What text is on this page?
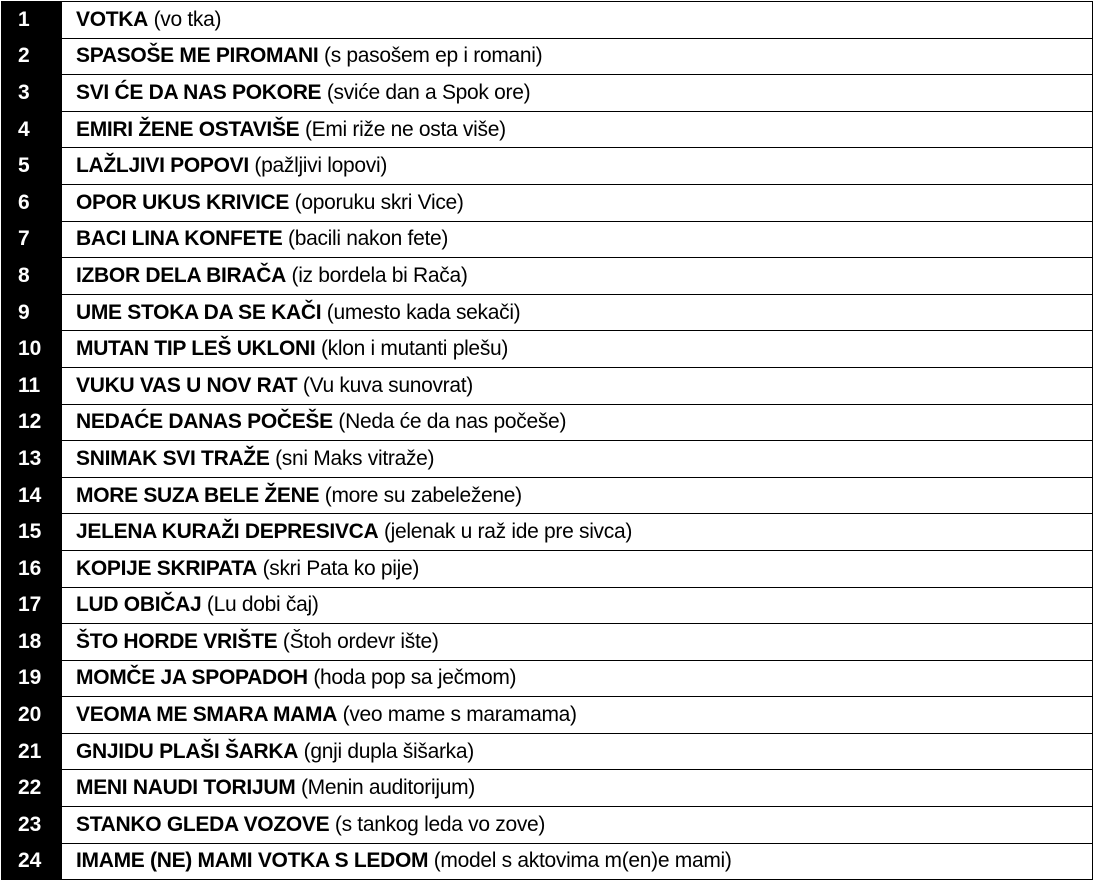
1	VOTKA (vo tka)
2	SPASOŠE ME PIROMANI (s pasošem ep i romani)
3	SVI ĆE DA NAS POKORE (sviće dan a Spok ore)
4	EMIRI ŽENE OSTAVIŠE (Emi riže ne osta više)
5	LAŽLJIVI POPOVI (pažljivi lopovi)
6	OPOR UKUS KRIVICE (oporuku skri Vice)
7	BACI LINA KONFETE (bacili nakon fete)
8	IZBOR DELA BIRAČA (iz bordela bi Rača)
9	UME STOKA DA SE KAČI (umesto kada sekači)
10	MUTAN TIP LEŠ UKLONI (klon i mutanti plešu)
11	VUKU VAS U NOV RAT (Vu kuva sunovrat)
12	NEDAĆE DANAS POČEŠE (Neda će da nas počeše)
13	SNIMAK SVI TRAŽE (sni Maks vitraže)
14	MORE SUZA BELE ŽENE (more su zabeležene)
15	JELENA KURAŽI DEPRESIVCA (jelenak u raž ide pre sivca)
16	KOPIJE SKRIPATA (skri Pata ko pije)
17	LUD OBIČAJ (Lu dobi čaj)
18	ŠTO HORDE VRIŠTE (Štoh ordevr ište)
19	MOMČE JA SPOPADOH (hoda pop sa ječmom)
20	VEOMA ME SMARA MAMA (veo mame s maramama)
21	GNJIDU PLAŠI ŠARKA (gnji dupla šišarka)
22	MENI NAUDI TORIJUM (Menin auditorijum)
23	STANKO GLEDA VOZOVE (s tankog leda vo zove)
24	IMAME (NE) MAMI VOTKA S LEDOM (model s aktovima m(en)e mami)
